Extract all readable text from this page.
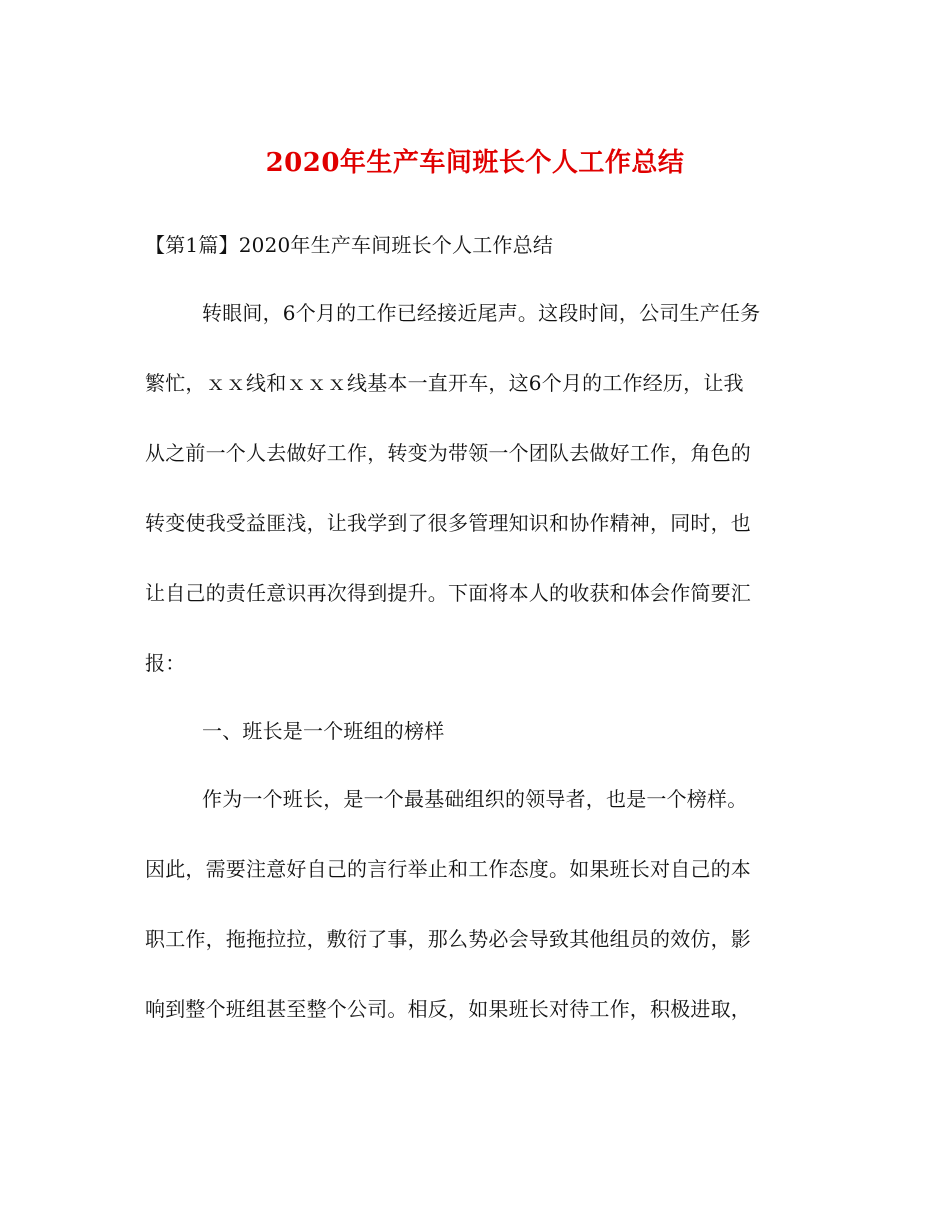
2020年生产车间班长个人工作总结
【第1篇】2020年生产车间班长个人工作总结
转眼间，6个月的工作已经接近尾声。这段时间，公司生产任务
繁忙，ｘｘ线和ｘｘｘ线基本一直开车，这6个月的工作经历，让我
从之前一个人去做好工作，转变为带领一个团队去做好工作，角色的
转变使我受益匪浅，让我学到了很多管理知识和协作精神，同时，也
让自己的责任意识再次得到提升。下面将本人的收获和体会作简要汇
报：
一、班长是一个班组的榜样
作为一个班长，是一个最基础组织的领导者，也是一个榜样。
因此，需要注意好自己的言行举止和工作态度。如果班长对自己的本
职工作，拖拖拉拉，敷衍了事，那么势必会导致其他组员的效仿，影
响到整个班组甚至整个公司。相反，如果班长对待工作，积极进取，
